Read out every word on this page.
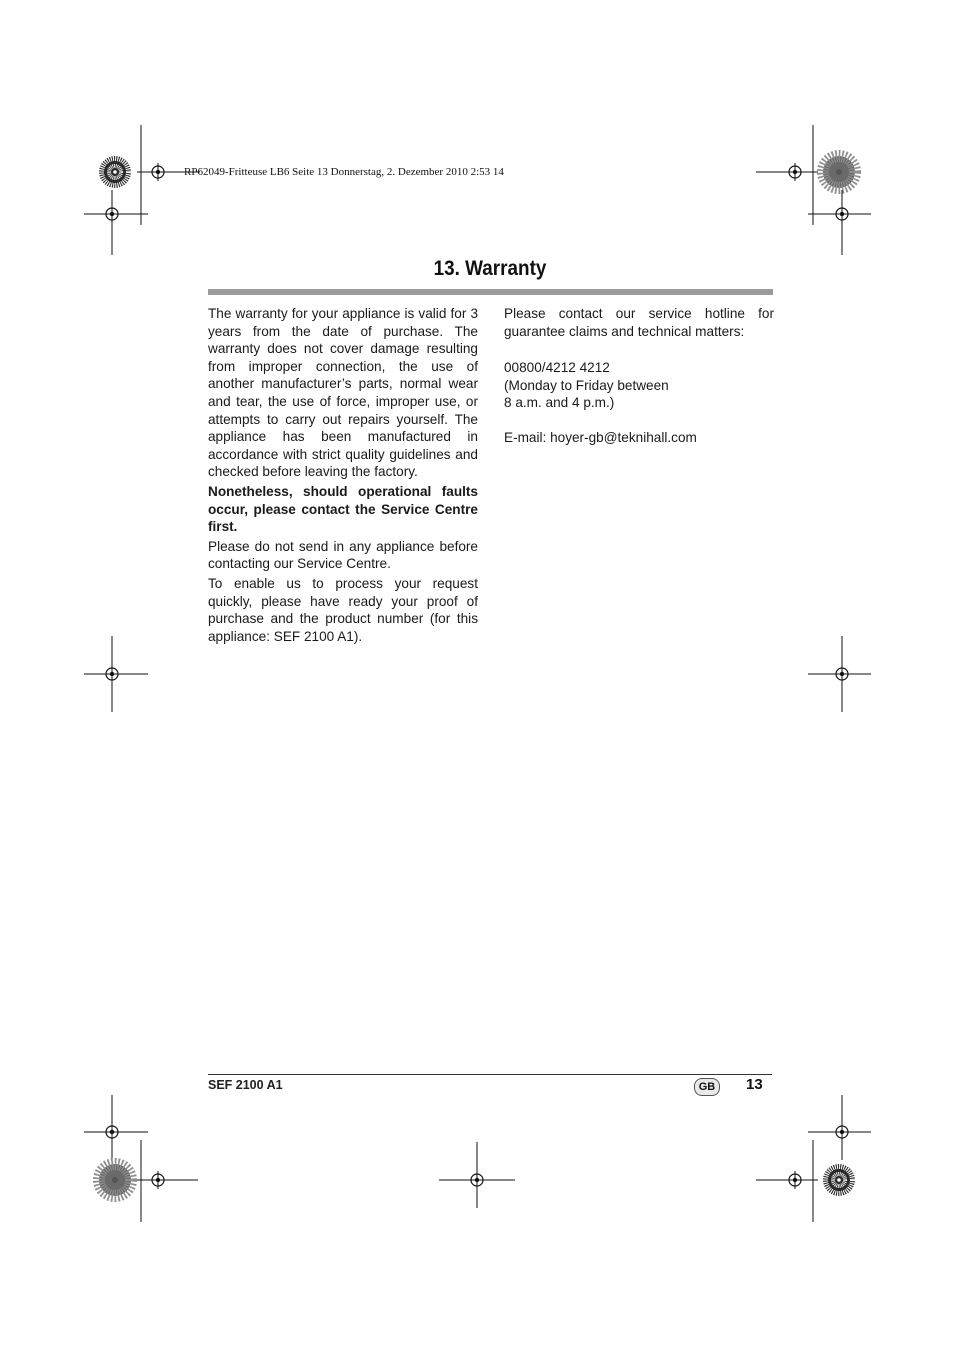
RP62049-Fritteuse LB6 Seite 13 Donnerstag, 2. Dezember 2010 2:53 14
13. Warranty

The warranty for your appliance is valid for 3 years from the date of purchase. The warranty does not cover damage resulting from improper connection, the use of another manufacturer’s parts, normal wear and tear, the use of force, improper use, or attempts to carry out repairs yourself. The appliance has been manufactured in accordance with strict quality guidelines and checked before leaving the factory.

Nonetheless, should operational faults occur, please contact the Service Centre first.

Please do not send in any appliance before contacting our Service Centre.

To enable us to process your request quickly, please have ready your proof of purchase and the product number (for this appliance: SEF 2100 A1).

Please contact our service hotline for guarantee claims and technical matters:

00800/4212 4212

(Monday to Friday between

8 a.m. and 4 p.m.)

E-mail: hoyer-gb@teknihall.com

SEF 2100 A1	GB	13
